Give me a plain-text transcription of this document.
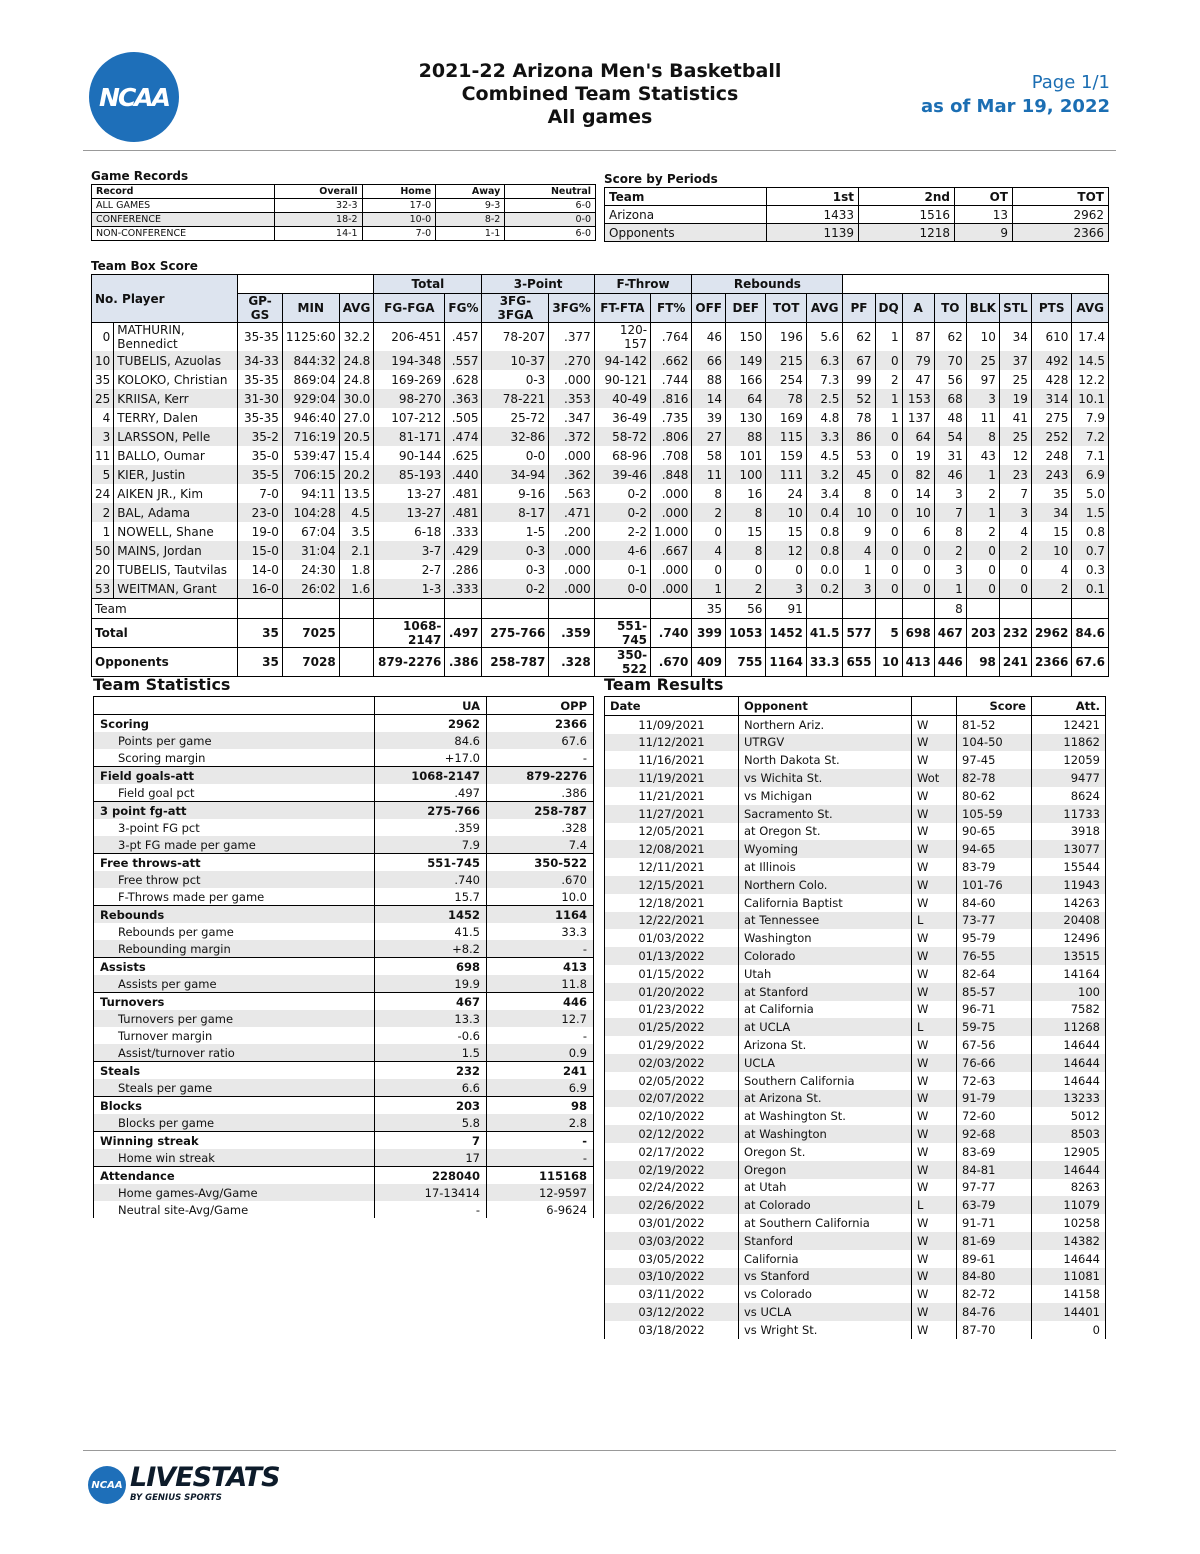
NCAA
2021-22 Arizona Men's Basketball
Combined Team Statistics
All games
Page 1/1
as of Mar 19, 2022
Game Records
Record	Overall	Home	Away	Neutral
ALL GAMES	32-3	17-0	9-3	6-0
CONFERENCE	18-2	10-0	8-2	0-0
NON-CONFERENCE	14-1	7-0	1-1	6-0
Score by Periods
Team	1st	2nd	OT	TOT
Arizona	1433	1516	13	2962
Opponents	1139	1218	9	2366
Team Box Score
No. Player					Total		3-Point		F-Throw		Rebounds											
		GP-GS	MIN	AVG	FG-FGA	FG%	3FG-3FGA	3FG%	FT-FTA	FT%	OFF	DEF	TOT	AVG	PF	DQ	A	TO	BLK	STL	PTS	AVG
0	MATHURIN, Bennedict	35-35	1125:60	32.2	206-451	.457	78-207	.377	120-157	.764	46	150	196	5.6	62	1	87	62	10	34	610	17.4
10	TUBELIS, Azuolas	34-33	844:32	24.8	194-348	.557	10-37	.270	94-142	.662	66	149	215	6.3	67	0	79	70	25	37	492	14.5
35	KOLOKO, Christian	35-35	869:04	24.8	169-269	.628	0-3	.000	90-121	.744	88	166	254	7.3	99	2	47	56	97	25	428	12.2
25	KRIISA, Kerr	31-30	929:04	30.0	98-270	.363	78-221	.353	40-49	.816	14	64	78	2.5	52	1	153	68	3	19	314	10.1
4	TERRY, Dalen	35-35	946:40	27.0	107-212	.505	25-72	.347	36-49	.735	39	130	169	4.8	78	1	137	48	11	41	275	7.9
3	LARSSON, Pelle	35-2	716:19	20.5	81-171	.474	32-86	.372	58-72	.806	27	88	115	3.3	86	0	64	54	8	25	252	7.2
11	BALLO, Oumar	35-0	539:47	15.4	90-144	.625	0-0	.000	68-96	.708	58	101	159	4.5	53	0	19	31	43	12	248	7.1
5	KIER, Justin	35-5	706:15	20.2	85-193	.440	34-94	.362	39-46	.848	11	100	111	3.2	45	0	82	46	1	23	243	6.9
24	AIKEN JR., Kim	7-0	94:11	13.5	13-27	.481	9-16	.563	0-2	.000	8	16	24	3.4	8	0	14	3	2	7	35	5.0
2	BAL, Adama	23-0	104:28	4.5	13-27	.481	8-17	.471	0-2	.000	2	8	10	0.4	10	0	10	7	1	3	34	1.5
1	NOWELL, Shane	19-0	67:04	3.5	6-18	.333	1-5	.200	2-2	1.000	0	15	15	0.8	9	0	6	8	2	4	15	0.8
50	MAINS, Jordan	15-0	31:04	2.1	3-7	.429	0-3	.000	4-6	.667	4	8	12	0.8	4	0	0	2	0	2	10	0.7
20	TUBELIS, Tautvilas	14-0	24:30	1.8	2-7	.286	0-3	.000	0-1	.000	0	0	0	0.0	1	0	0	3	0	0	4	0.3
53	WEITMAN, Grant	16-0	26:02	1.6	1-3	.333	0-2	.000	0-0	.000	1	2	3	0.2	3	0	0	1	0	0	2	0.1
Team											35	56	91					8				
Total		35	7025		1068-2147	.497	275-766	.359	551-745	.740	399	1053	1452	41.5	577	5	698	467	203	232	2962	84.6
Opponents		35	7028		879-2276	.386	258-787	.328	350-522	.670	409	755	1164	33.3	655	10	413	446	98	241	2366	67.6
Team Statistics
	UA	OPP
Scoring	2962	2366
Points per game	84.6	67.6
Scoring margin	+17.0	-
Field goals-att	1068-2147	879-2276
Field goal pct	.497	.386
3 point fg-att	275-766	258-787
3-point FG pct	.359	.328
3-pt FG made per game	7.9	7.4
Free throws-att	551-745	350-522
Free throw pct	.740	.670
F-Throws made per game	15.7	10.0
Rebounds	1452	1164
Rebounds per game	41.5	33.3
Rebounding margin	+8.2	-
Assists	698	413
Assists per game	19.9	11.8
Turnovers	467	446
Turnovers per game	13.3	12.7
Turnover margin	-0.6	-
Assist/turnover ratio	1.5	0.9
Steals	232	241
Steals per game	6.6	6.9
Blocks	203	98
Blocks per game	5.8	2.8
Winning streak	7	-
Home win streak	17	-
Attendance	228040	115168
Home games-Avg/Game	17-13414	12-9597
Neutral site-Avg/Game	-	6-9624
Team Results
Date	Opponent		Score	Att.
11/09/2021	Northern Ariz.	W	81-52	12421
11/12/2021	UTRGV	W	104-50	11862
11/16/2021	North Dakota St.	W	97-45	12059
11/19/2021	vs Wichita St.	Wot	82-78	9477
11/21/2021	vs Michigan	W	80-62	8624
11/27/2021	Sacramento St.	W	105-59	11733
12/05/2021	at Oregon St.	W	90-65	3918
12/08/2021	Wyoming	W	94-65	13077
12/11/2021	at Illinois	W	83-79	15544
12/15/2021	Northern Colo.	W	101-76	11943
12/18/2021	California Baptist	W	84-60	14263
12/22/2021	at Tennessee	L	73-77	20408
01/03/2022	Washington	W	95-79	12496
01/13/2022	Colorado	W	76-55	13515
01/15/2022	Utah	W	82-64	14164
01/20/2022	at Stanford	W	85-57	100
01/23/2022	at California	W	96-71	7582
01/25/2022	at UCLA	L	59-75	11268
01/29/2022	Arizona St.	W	67-56	14644
02/03/2022	UCLA	W	76-66	14644
02/05/2022	Southern California	W	72-63	14644
02/07/2022	at Arizona St.	W	91-79	13233
02/10/2022	at Washington St.	W	72-60	5012
02/12/2022	at Washington	W	92-68	8503
02/17/2022	Oregon St.	W	83-69	12905
02/19/2022	Oregon	W	84-81	14644
02/24/2022	at Utah	W	97-77	8263
02/26/2022	at Colorado	L	63-79	11079
03/01/2022	at Southern California	W	91-71	10258
03/03/2022	Stanford	W	81-69	14382
03/05/2022	California	W	89-61	14644
03/10/2022	vs Stanford	W	84-80	11081
03/11/2022	vs Colorado	W	82-72	14158
03/12/2022	vs UCLA	W	84-76	14401
03/18/2022	vs Wright St.	W	87-70	0
NCAA LIVESTATS
BY GENIUS SPORTS
